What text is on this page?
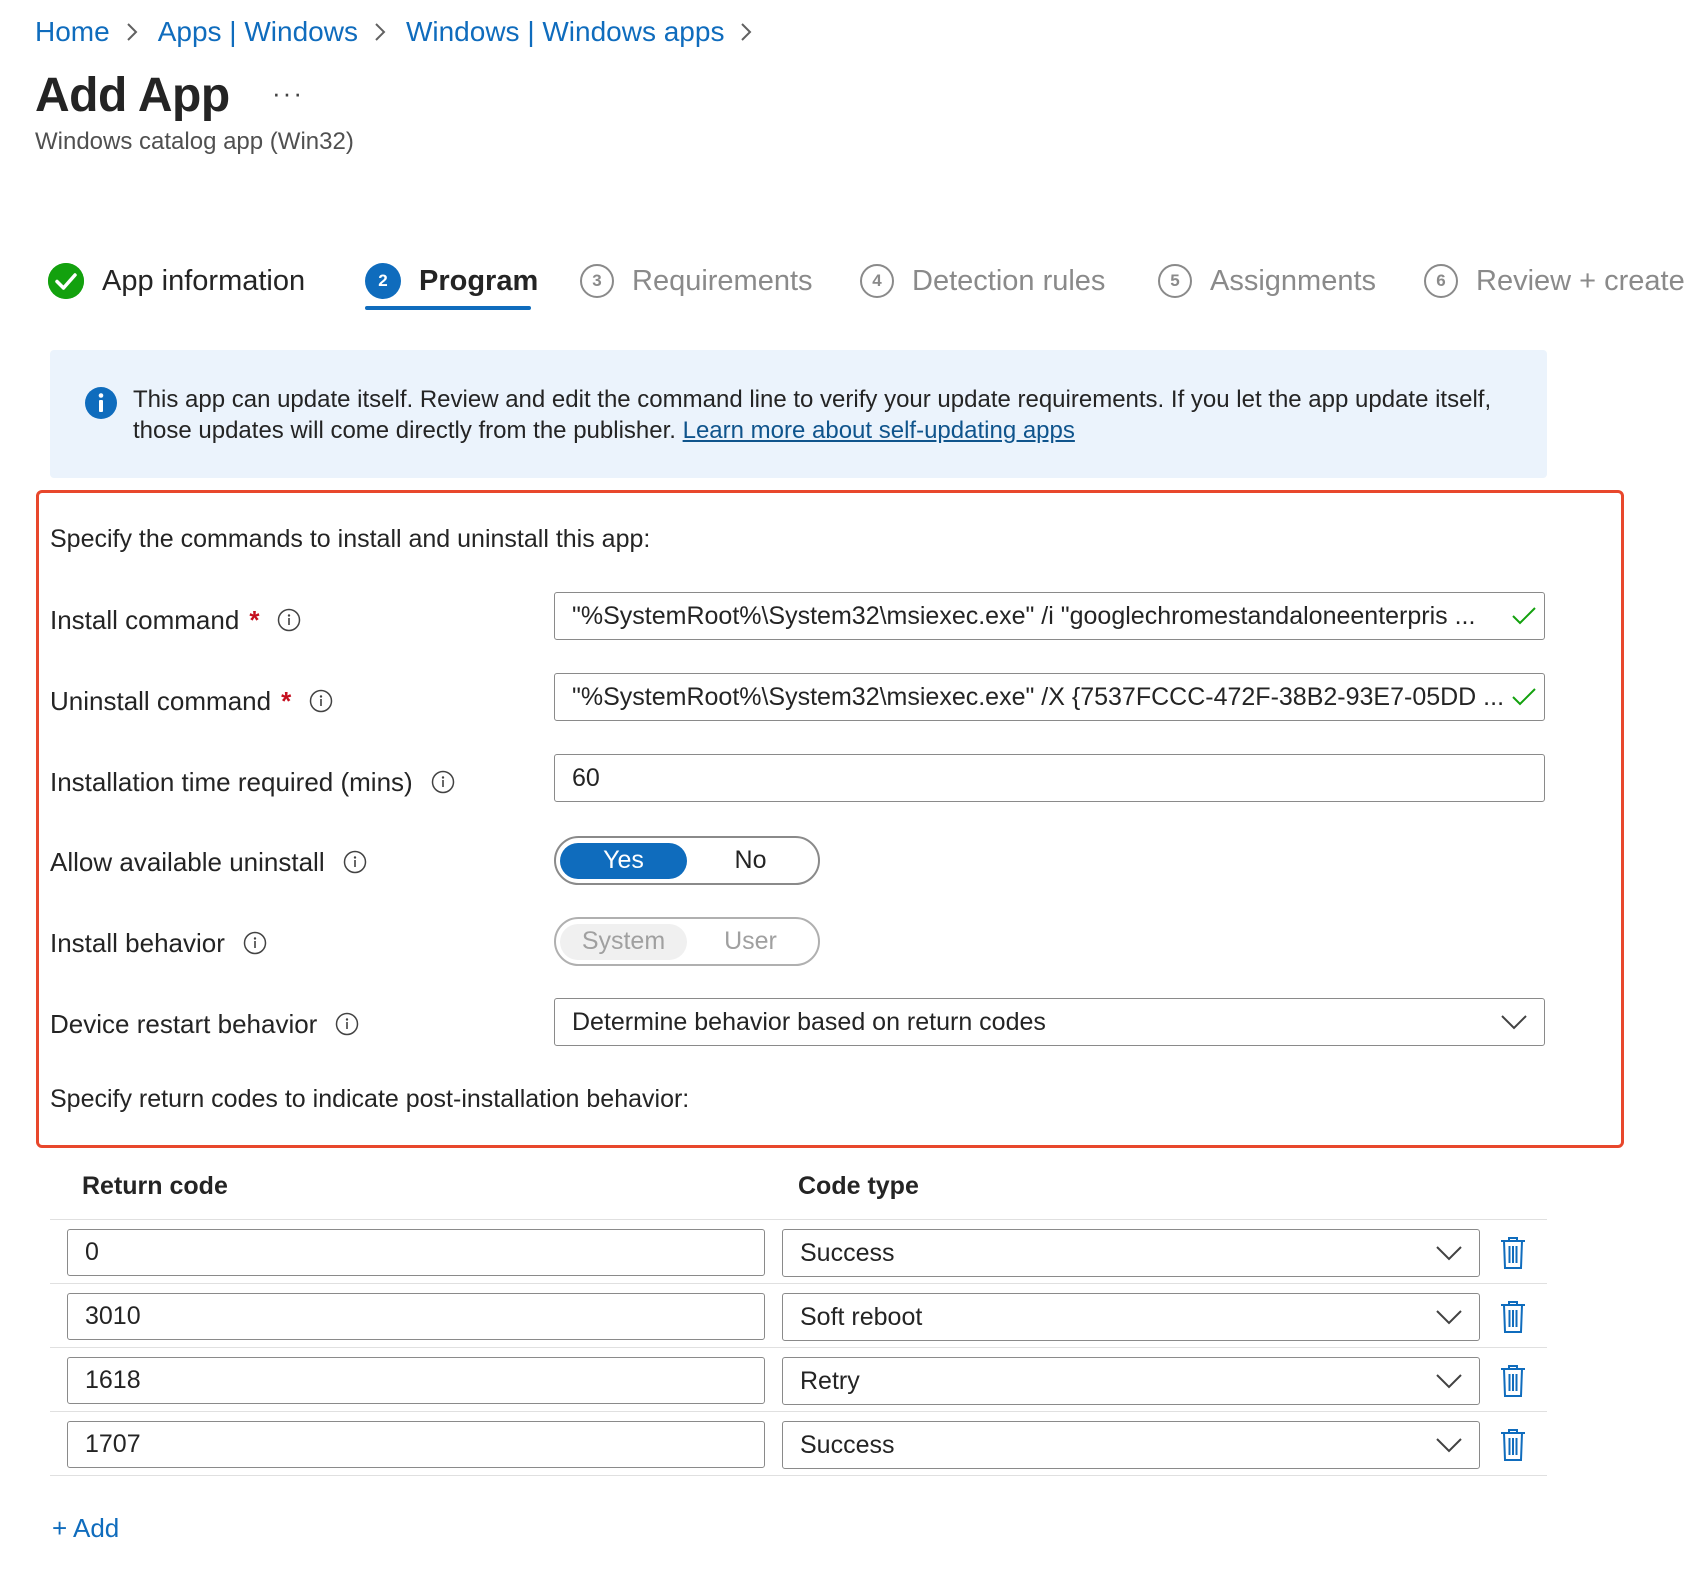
Home Apps | Windows Windows | Windows apps
Add App ···
Windows catalog app (Win32)
App information	2	Program	3	Requirements	4	Detection rules	5	Assignments	6	Review + create
This app can update itself. Review and edit the command line to verify your update requirements. If you let the app update itself, those updates will come directly from the publisher. Learn more about self-updating apps
Specify the commands to install and uninstall this app:
Install command *	"%SystemRoot%\System32\msiexec.exe" /i "googlechromestandaloneenterpris ...
Uninstall command *	"%SystemRoot%\System32\msiexec.exe" /X {7537FCCC-472F-38B2-93E7-05DD ...
Installation time required (mins)	60
Allow available uninstall	Yes	No
Install behavior	System	User
Device restart behavior	Determine behavior based on return codes
Specify return codes to indicate post-installation behavior:
Return code	Code type
0	Success
3010	Soft reboot
1618	Retry
1707	Success
+ Add
